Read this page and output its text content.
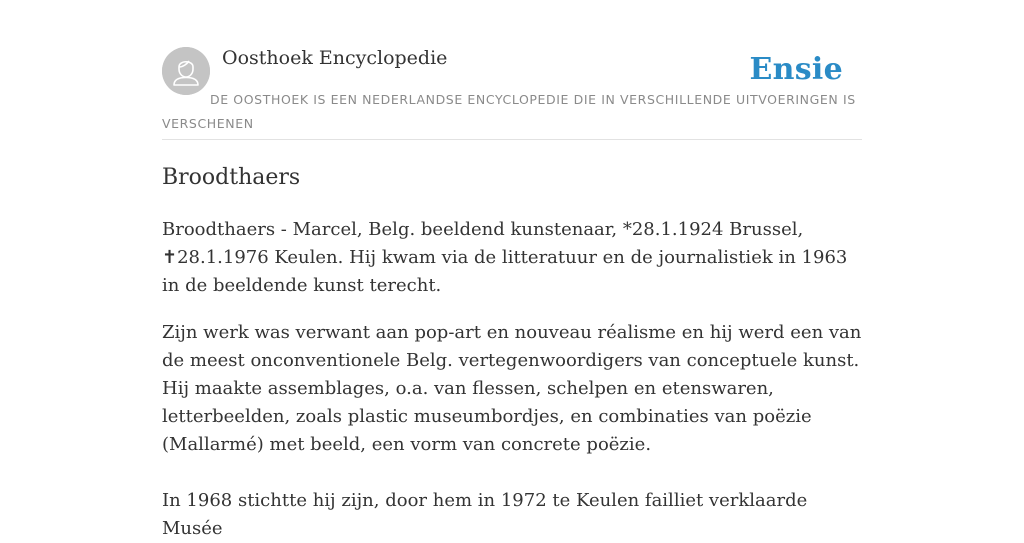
Oosthoek Encyclopedie	Ensie
DE OOSTHOEK IS EEN NEDERLANDSE ENCYCLOPEDIE DIE IN VERSCHILLENDE UITVOERINGEN IS VERSCHENEN
Broodthaers

Broodthaers - Marcel, Belg. beeldend kunstenaar, *28.1.1924 Brussel, ✝28.1.1976 Keulen. Hij kwam via de litteratuur en de journalistiek in 1963 in de beeldende kunst terecht.

Zijn werk was verwant aan pop-art en nouveau réalisme en hij werd een van de meest onconventionele Belg. vertegenwoordigers van conceptuele kunst. Hij maakte assemblages, o.a. van flessen, schelpen en etenswaren, letterbeelden, zoals plastic museumbordjes, en combinaties van poëzie (Mallarmé) met beeld, een vorm van concrete poëzie.

In 1968 stichtte hij zijn, door hem in 1972 te Keulen failliet verklaarde Musée
